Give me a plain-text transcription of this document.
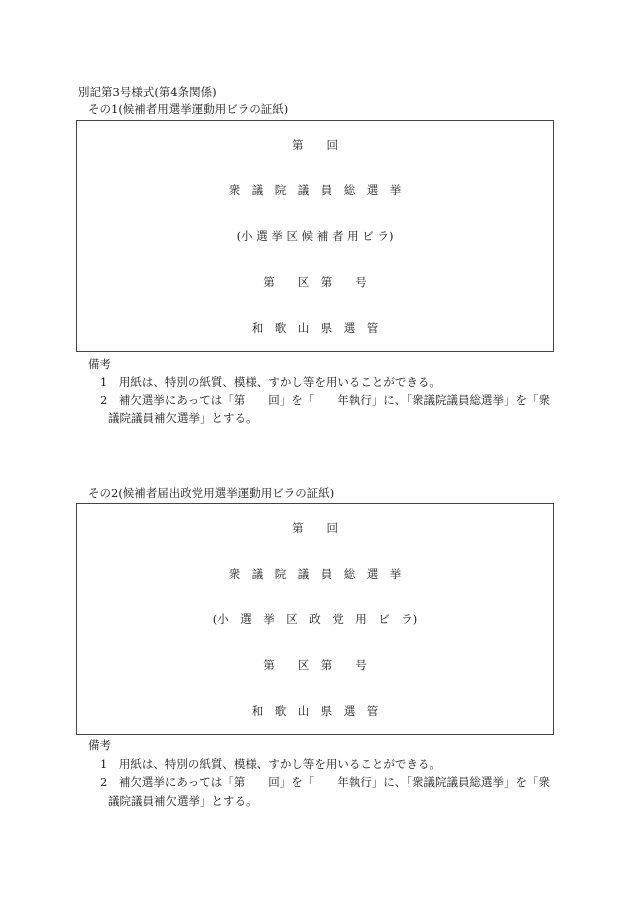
別記第3号様式(第4条関係)
その1(候補者用選挙運動用ビラの証紙)
第　　回
衆　議　院　議　員　総　選　挙
(小 選 挙 区 候 補 者 用 ビ ラ)
第　　区　第　　号
和　歌　山　県　選　管
備考
1　用紙は、特別の紙質、模様、すかし等を用いることができる。
2　補欠選挙にあっては「第　　回」を「　　年執行」に、「衆議院議員総選挙」を「衆
議院議員補欠選挙」とする。
その2(候補者届出政党用選挙運動用ビラの証紙)
第　　回
衆　議　院　議　員　総　選　挙
(小　選　挙　区　政　党　用　ビ　ラ)
第　　区　第　　号
和　歌　山　県　選　管
備考
1　用紙は、特別の紙質、模様、すかし等を用いることができる。
2　補欠選挙にあっては「第　　回」を「　　年執行」に、「衆議院議員総選挙」を「衆
議院議員補欠選挙」とする。
